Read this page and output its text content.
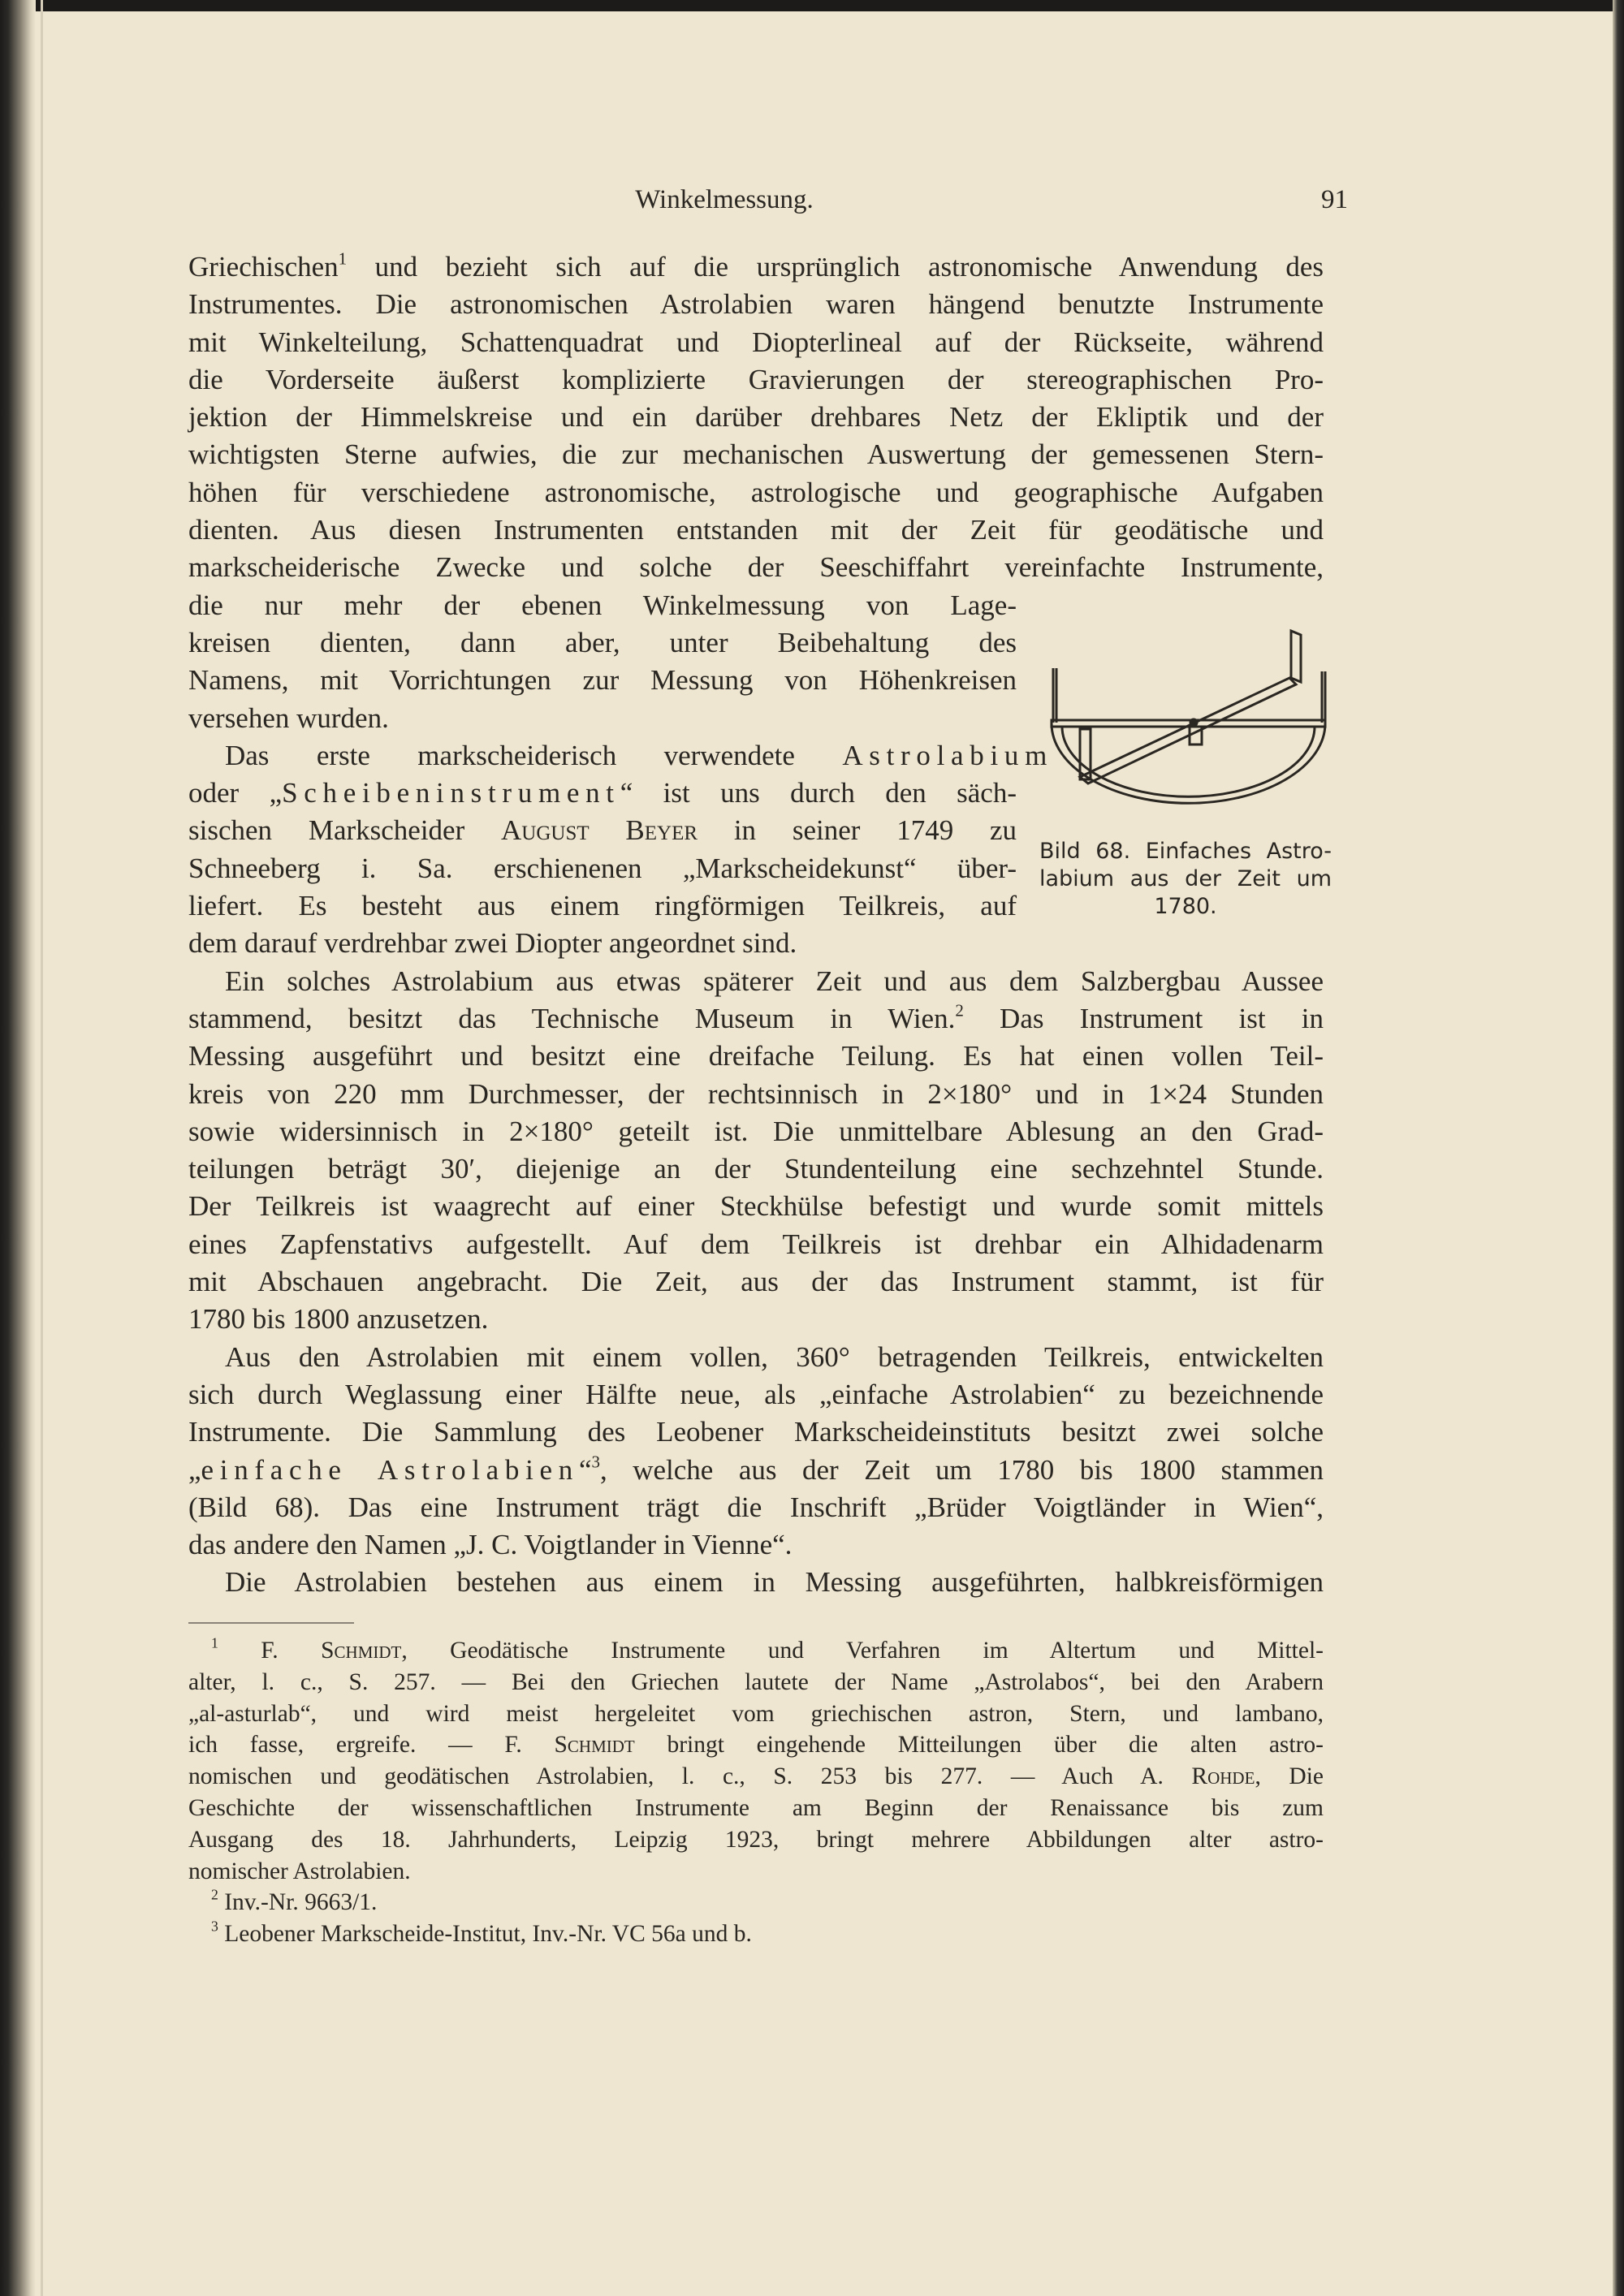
Winkelmessung.	91
Griechischen$^1$ und bezieht sich auf die ursprünglich astronomische Anwendung des
Instrumentes. Die astronomischen Astrolabien waren hängend benutzte Instrumente
mit Winkelteilung, Schattenquadrat und Diopterlineal auf der Rückseite, während
die Vorderseite äußerst komplizierte Gravierungen der stereographischen Pro-
jektion der Himmelskreise und ein darüber drehbares Netz der Ekliptik und der
wichtigsten Sterne aufwies, die zur mechanischen Auswertung der gemessenen Stern-
höhen für verschiedene astronomische, astrologische und geographische Aufgaben
dienten. Aus diesen Instrumenten entstanden mit der Zeit für geodätische und
markscheiderische Zwecke und solche der Seeschiffahrt vereinfachte Instrumente,
die nur mehr der ebenen Winkelmessung von Lage-
kreisen dienten, dann aber, unter Beibehaltung des
Namens, mit Vorrichtungen zur Messung von Höhenkreisen
versehen wurden.
Das erste markscheiderisch verwendete Astrolabium
oder „Scheibeninstrument“ ist uns durch den säch-
sischen Markscheider August Beyer in seiner 1749 zu
Schneeberg i. Sa. erschienenen „Markscheidekunst“ über-
liefert. Es besteht aus einem ringförmigen Teilkreis, auf
dem darauf verdrehbar zwei Diopter angeordnet sind.
Ein solches Astrolabium aus etwas späterer Zeit und aus dem Salzbergbau Aussee
stammend, besitzt das Technische Museum in Wien.$^2$ Das Instrument ist in
Messing ausgeführt und besitzt eine dreifache Teilung. Es hat einen vollen Teil-
kreis von 220 mm Durchmesser, der rechtsinnisch in 2×180° und in 1×24 Stunden
sowie widersinnisch in 2×180° geteilt ist. Die unmittelbare Ablesung an den Grad-
teilungen beträgt 30′, diejenige an der Stundenteilung eine sechzehntel Stunde.
Der Teilkreis ist waagrecht auf einer Steckhülse befestigt und wurde somit mittels
eines Zapfenstativs aufgestellt. Auf dem Teilkreis ist drehbar ein Alhidadenarm
mit Abschauen angebracht. Die Zeit, aus der das Instrument stammt, ist für
1780 bis 1800 anzusetzen.
Aus den Astrolabien mit einem vollen, 360° betragenden Teilkreis, entwickelten
sich durch Weglassung einer Hälfte neue, als „einfache Astrolabien“ zu bezeichnende
Instrumente. Die Sammlung des Leobener Markscheideinstituts besitzt zwei solche
„einfache Astrolabien“$^3$, welche aus der Zeit um 1780 bis 1800 stammen
(Bild 68). Das eine Instrument trägt die Inschrift „Brüder Voigtländer in Wien“,
das andere den Namen „J. C. Voigtlander in Vienne“.
Die Astrolabien bestehen aus einem in Messing ausgeführten, halbkreisförmigen
Bild 68. Einfaches Astro-
labium aus der Zeit um
1780.
$^1$ F. Schmidt, Geodätische Instrumente und Verfahren im Altertum und Mittel-
alter, l. c., S. 257. — Bei den Griechen lautete der Name „Astrolabos“, bei den Arabern
„al-asturlab“, und wird meist hergeleitet vom griechischen astron, Stern, und lambano,
ich fasse, ergreife. — F. Schmidt bringt eingehende Mitteilungen über die alten astro-
nomischen und geodätischen Astrolabien, l. c., S. 253 bis 277. — Auch A. Rohde, Die
Geschichte der wissenschaftlichen Instrumente am Beginn der Renaissance bis zum
Ausgang des 18. Jahrhunderts, Leipzig 1923, bringt mehrere Abbildungen alter astro-
nomischer Astrolabien.
$^2$ Inv.-Nr. 9663/1.
$^3$ Leobener Markscheide-Institut, Inv.-Nr. VC 56a und b.
